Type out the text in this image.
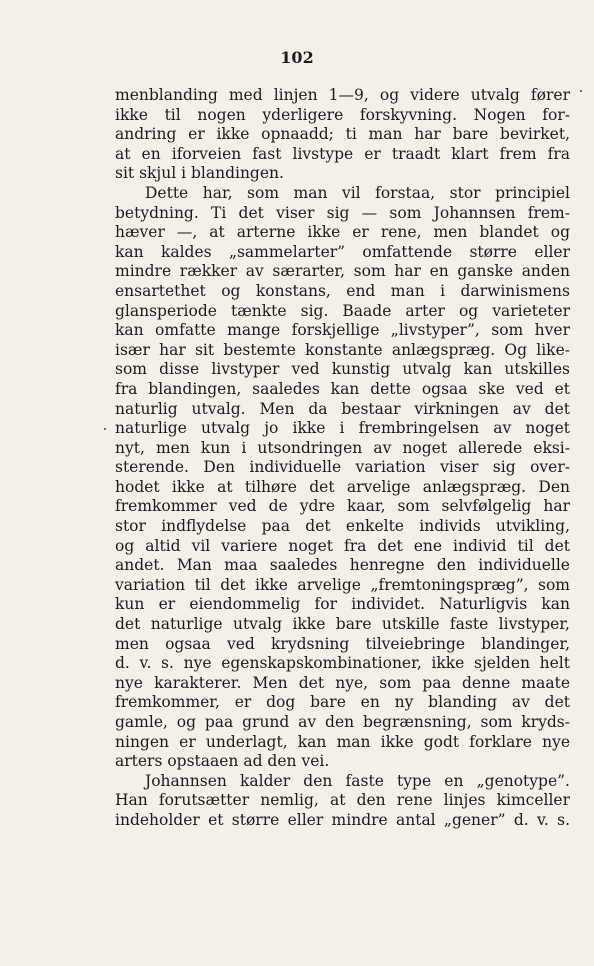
102
menblanding med linjen 1—9, og videre utvalg fører
ikke til nogen yderligere forskyvning. Nogen for-
andring er ikke opnaadd; ti man har bare bevirket,
at en iforveien fast livstype er traadt klart frem fra
sit skjul i blandingen.
Dette har, som man vil forstaa, stor principiel
betydning. Ti det viser sig — som Johannsen frem-
hæver —, at arterne ikke er rene, men blandet og
kan kaldes „sammelarter” omfattende større eller
mindre rækker av særarter, som har en ganske anden
ensartethet og konstans, end man i darwinismens
glansperiode tænkte sig. Baade arter og varieteter
kan omfatte mange forskjellige „livstyper”, som hver
især har sit bestemte konstante anlægspræg. Og like-
som disse livstyper ved kunstig utvalg kan utskilles
fra blandingen, saaledes kan dette ogsaa ske ved et
naturlig utvalg. Men da bestaar virkningen av det
naturlige utvalg jo ikke i frembringelsen av noget
nyt, men kun i utsondringen av noget allerede eksi-
sterende. Den individuelle variation viser sig over-
hodet ikke at tilhøre det arvelige anlægspræg. Den
fremkommer ved de ydre kaar, som selvfølgelig har
stor indflydelse paa det enkelte individs utvikling,
og altid vil variere noget fra det ene individ til det
andet. Man maa saaledes henregne den individuelle
variation til det ikke arvelige „fremtoningspræg”, som
kun er eiendommelig for individet. Naturligvis kan
det naturlige utvalg ikke bare utskille faste livstyper,
men ogsaa ved krydsning tilveiebringe blandinger,
d. v. s. nye egenskapskombinationer, ikke sjelden helt
nye karakterer. Men det nye, som paa denne maate
fremkommer, er dog bare en ny blanding av det
gamle, og paa grund av den begrænsning, som kryds-
ningen er underlagt, kan man ikke godt forklare nye
arters opstaaen ad den vei.
Johannsen kalder den faste type en „genotype”.
Han forutsætter nemlig, at den rene linjes kimceller
indeholder et større eller mindre antal „gener” d. v. s.
